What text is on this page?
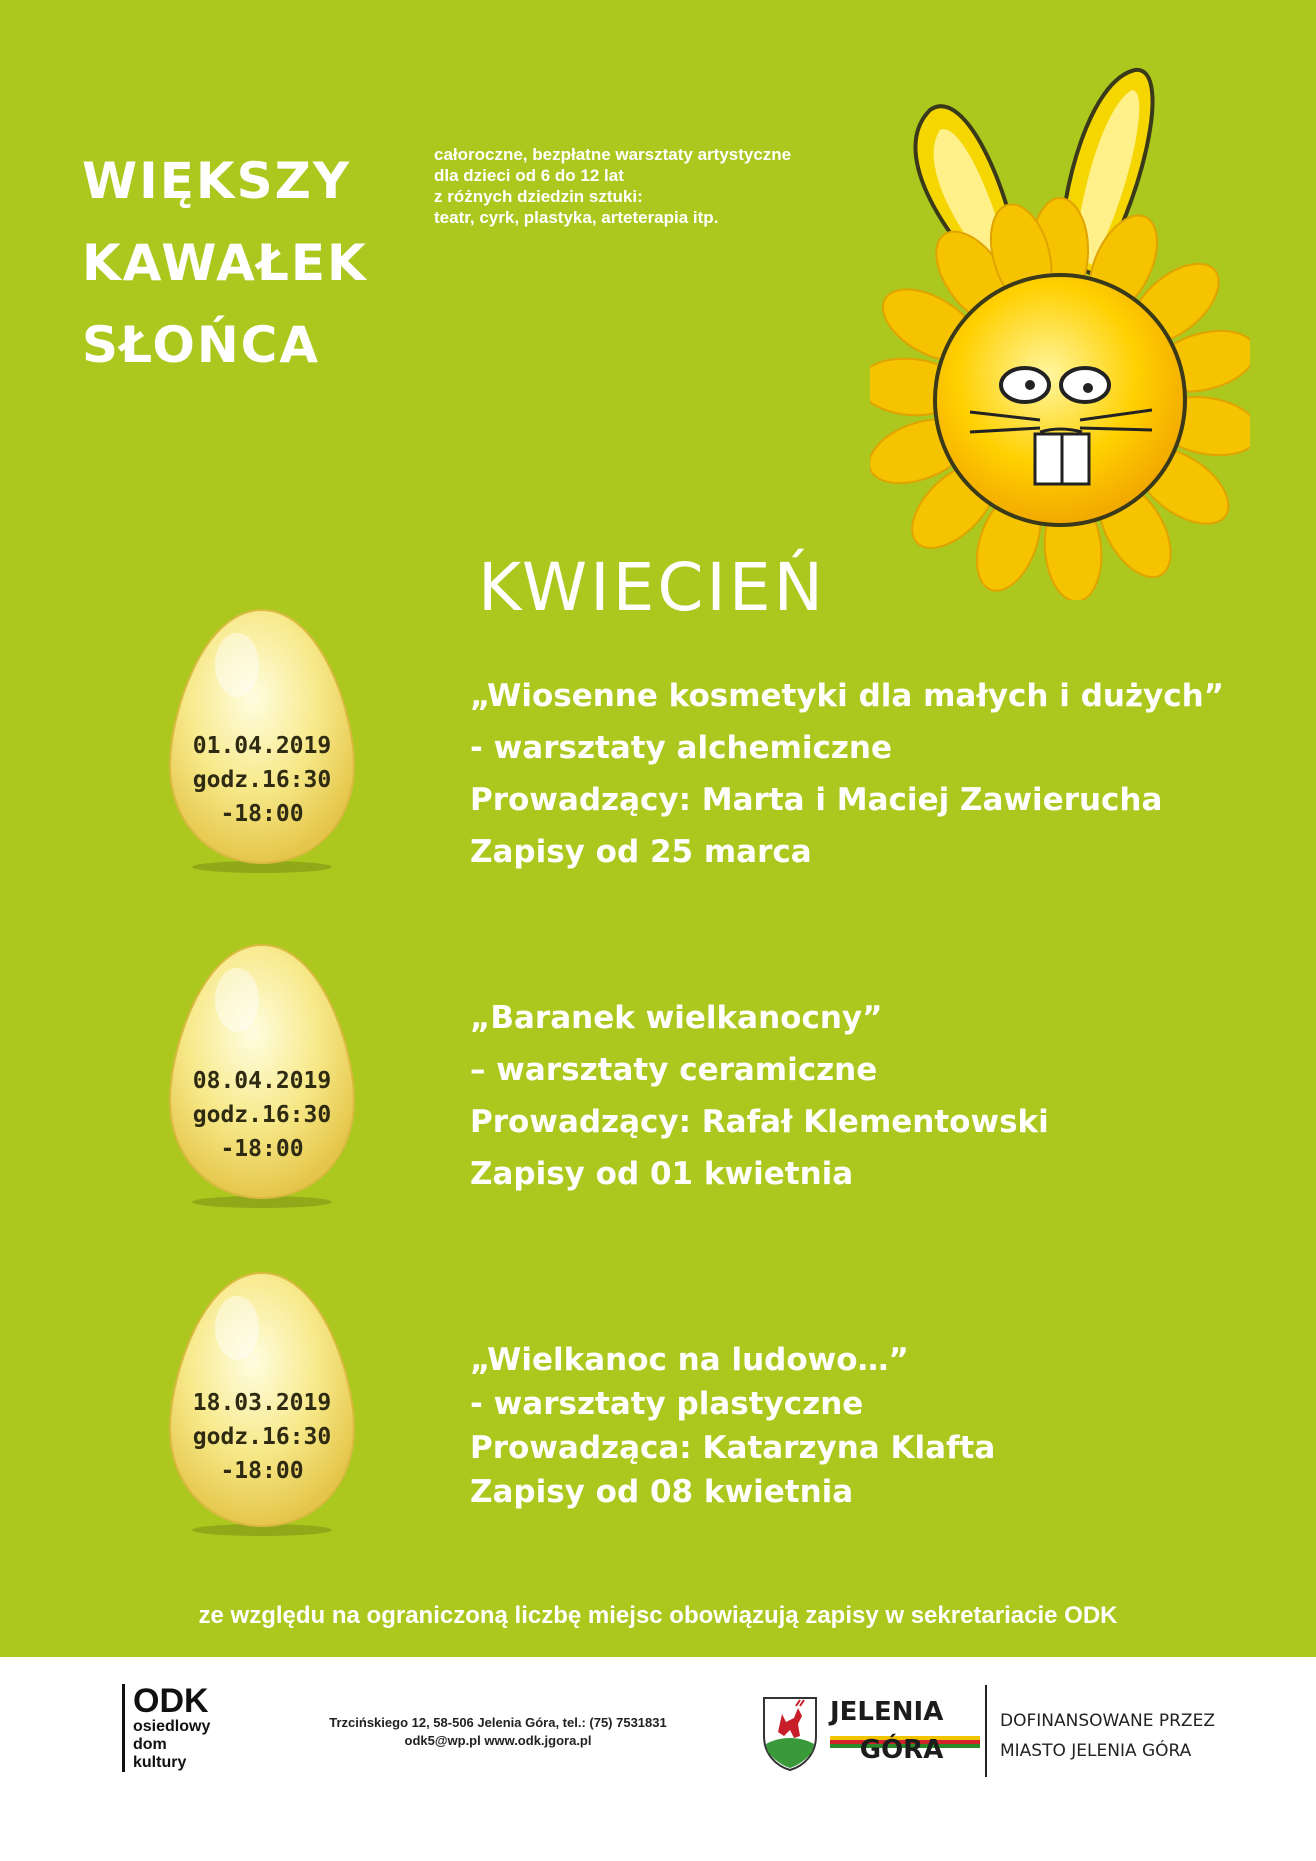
WIĘKSZY
KAWAŁEK
SŁOŃCA
całoroczne, bezpłatne warsztaty artystyczne
dla dzieci od 6 do 12 lat
z różnych dziedzin sztuki:
teatr, cyrk, plastyka, arteterapia itp.
KWIECIEŃ
01.04.2019
godz.16:30
-18:00
08.04.2019
godz.16:30
-18:00
18.03.2019
godz.16:30
-18:00
„Wiosenne kosmetyki dla małych i dużych”
- warsztaty alchemiczne
Prowadzący: Marta i Maciej Zawierucha
Zapisy od 25 marca
„Baranek wielkanocny”
– warsztaty ceramiczne
Prowadzący: Rafał Klementowski
Zapisy od 01 kwietnia
„Wielkanoc na ludowo…”
- warsztaty plastyczne
Prowadząca: Katarzyna Klafta
Zapisy od 08 kwietnia
ze względu na ograniczoną liczbę miejsc obowiązują zapisy w sekretariacie ODK
ODK
osiedlowy
dom
kultury
Trzcińskiego 12, 58-506 Jelenia Góra, tel.: (75) 7531831
odk5@wp.pl www.odk.jgora.pl
JELENIA
GÓRA
DOFINANSOWANE PRZEZ
MIASTO JELENIA GÓRA
